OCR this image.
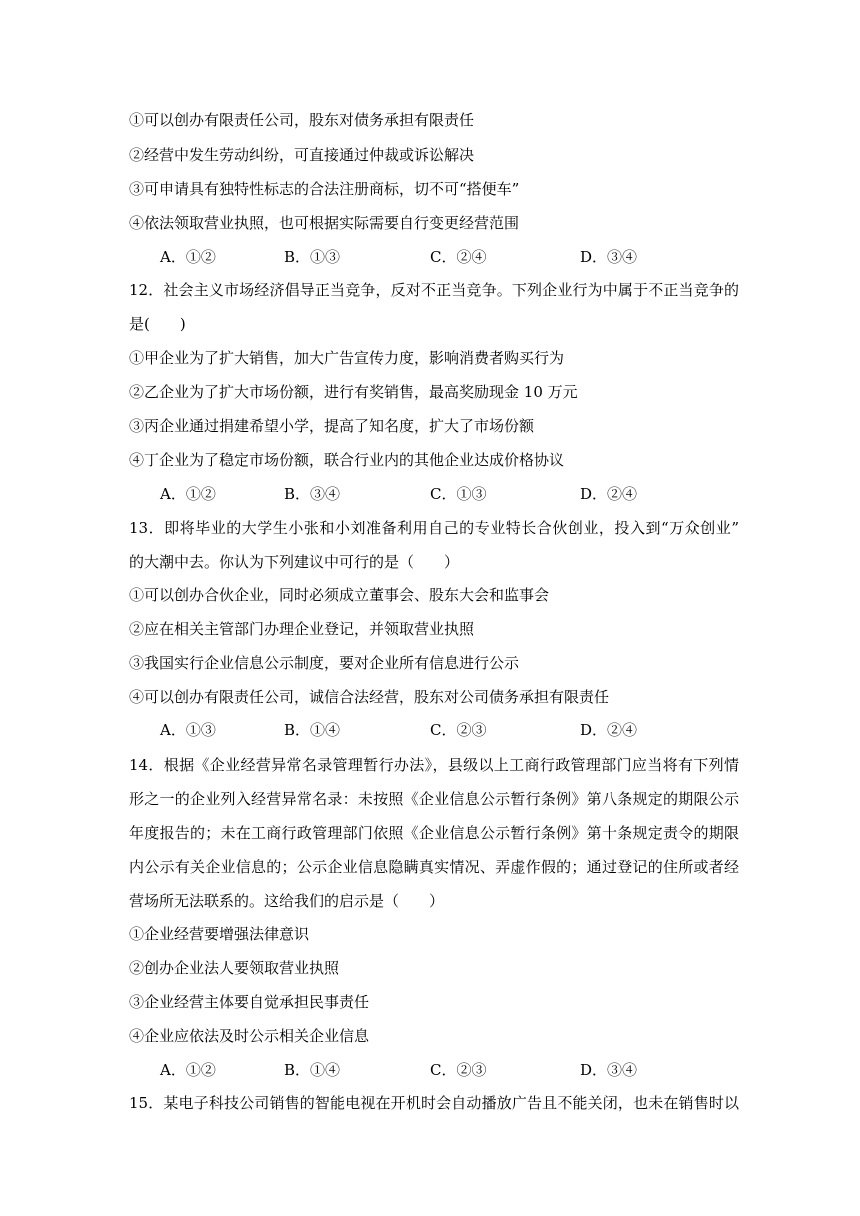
①可以创办有限责任公司，股东对债务承担有限责任
②经营中发生劳动纠纷，可直接通过仲裁或诉讼解决
③可申请具有独特性标志的合法注册商标，切不可“搭便车”
④依法领取营业执照，也可根据实际需要自行变更经营范围
A．①②	B．①③	C．②④	D．③④
12．社会主义市场经济倡导正当竞争，反对不正当竞争。下列企业行为中属于不正当竞争的
是(　　)
①甲企业为了扩大销售，加大广告宣传力度，影响消费者购买行为
②乙企业为了扩大市场份额，进行有奖销售，最高奖励现金 10 万元
③丙企业通过捐建希望小学，提高了知名度，扩大了市场份额
④丁企业为了稳定市场份额，联合行业内的其他企业达成价格协议
A．①②	B．③④	C．①③	D．②④
13．即将毕业的大学生小张和小刘准备利用自己的专业特长合伙创业，投入到“万众创业”
的大潮中去。你认为下列建议中可行的是（　　）
①可以创办合伙企业，同时必须成立董事会、股东大会和监事会
②应在相关主管部门办理企业登记，并领取营业执照
③我国实行企业信息公示制度，要对企业所有信息进行公示
④可以创办有限责任公司，诚信合法经营，股东对公司债务承担有限责任
A．①③	B．①④	C．②③	D．②④
14．根据《企业经营异常名录管理暂行办法》，县级以上工商行政管理部门应当将有下列情
形之一的企业列入经营异常名录：未按照《企业信息公示暂行条例》第八条规定的期限公示
年度报告的；未在工商行政管理部门依照《企业信息公示暂行条例》第十条规定责令的期限
内公示有关企业信息的；公示企业信息隐瞒真实情况、弄虚作假的；通过登记的住所或者经
营场所无法联系的。这给我们的启示是（　　）
①企业经营要增强法律意识
②创办企业法人要领取营业执照
③企业经营主体要自觉承担民事责任
④企业应依法及时公示相关企业信息
A．①②	B．①④	C．②③	D．③④
15．某电子科技公司销售的智能电视在开机时会自动播放广告且不能关闭，也未在销售时以
